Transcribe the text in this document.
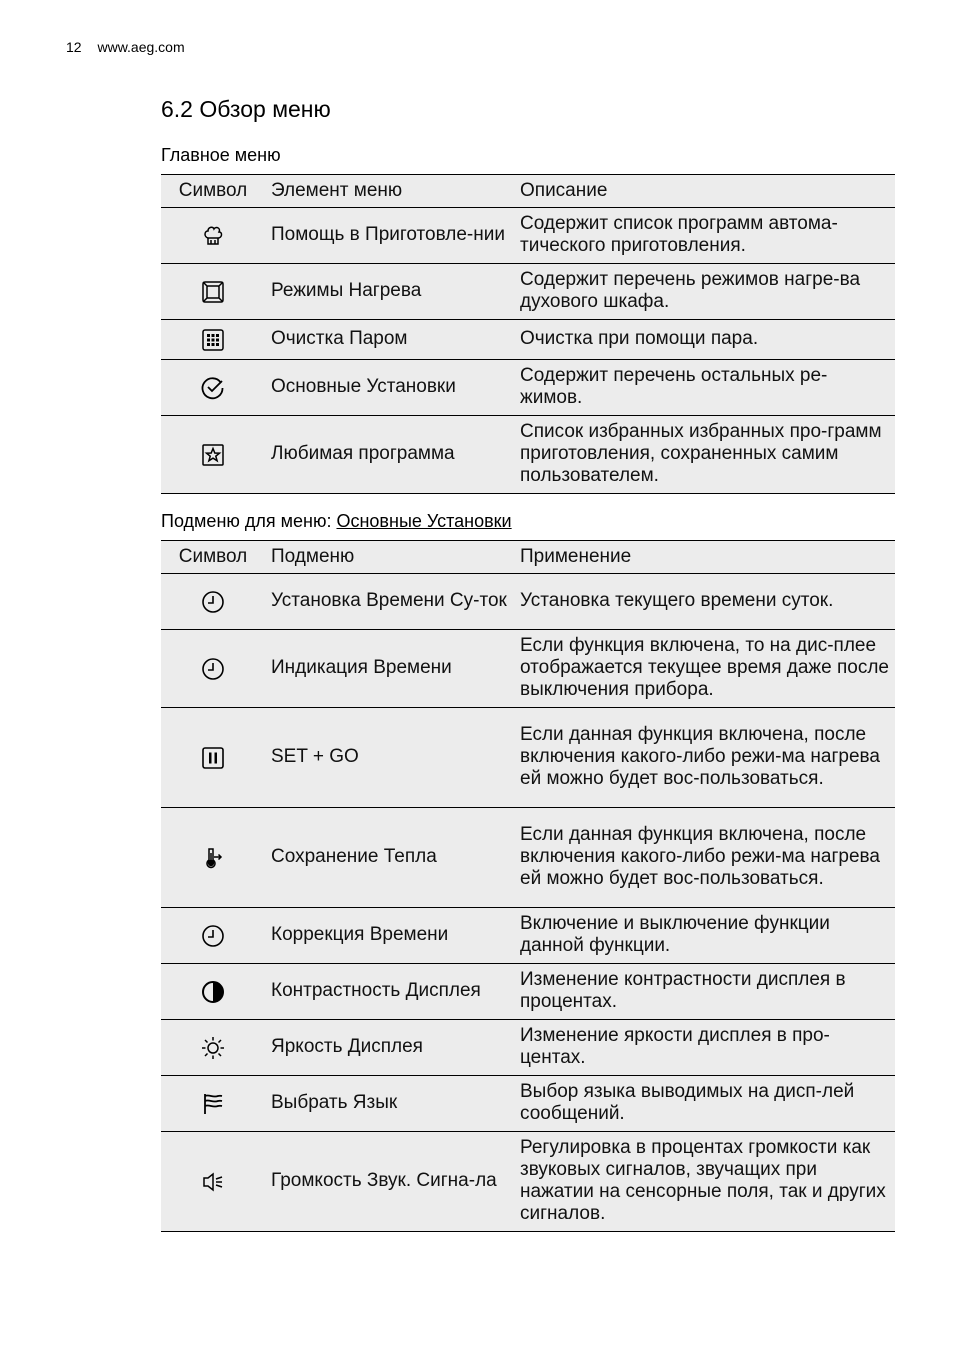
12 www.aeg.com
6.2 Обзор меню
Главное меню
Символ	Элемент меню	Описание

	Помощь в Приготовле-нии	Содержит список программ автома-тического приготовления.

	Режимы Нагрева	Содержит перечень режимов нагре-ва духового шкафа.

	Очистка Паром	Очистка при помощи пара.

	Основные Установки	Содержит перечень остальных ре-жимов.

	Любимая программа	Список избранных избранных про-грамм приготовления, сохраненных самим пользователем.
Подменю для меню: Основные Установки
Символ	Подменю	Применение

	Установка Времени Су-ток	Установка текущего времени суток.

	Индикация Времени	Если функция включена, то на дис-плее отображается текущее время даже после выключения прибора.

	SET + GO	Если данная функция включена, после включения какого-либо режи-ма нагрева ей можно будет вос-пользоваться.

	Сохранение Тепла	Если данная функция включена, после включения какого-либо режи-ма нагрева ей можно будет вос-пользоваться.

	Коррекция Времени	Включение и выключение функции данной функции.

	Контрастность Дисплея	Изменение контрастности дисплея в процентах.

	Яркость Дисплея	Изменение яркости дисплея в про-центах.

	Выбрать Язык	Выбор языка выводимых на дисп-лей сообщений.

	Громкость Звук. Сигна-ла	Регулировка в процентах громкости как звуковых сигналов, звучащих при нажатии на сенсорные поля, так и других сигналов.
